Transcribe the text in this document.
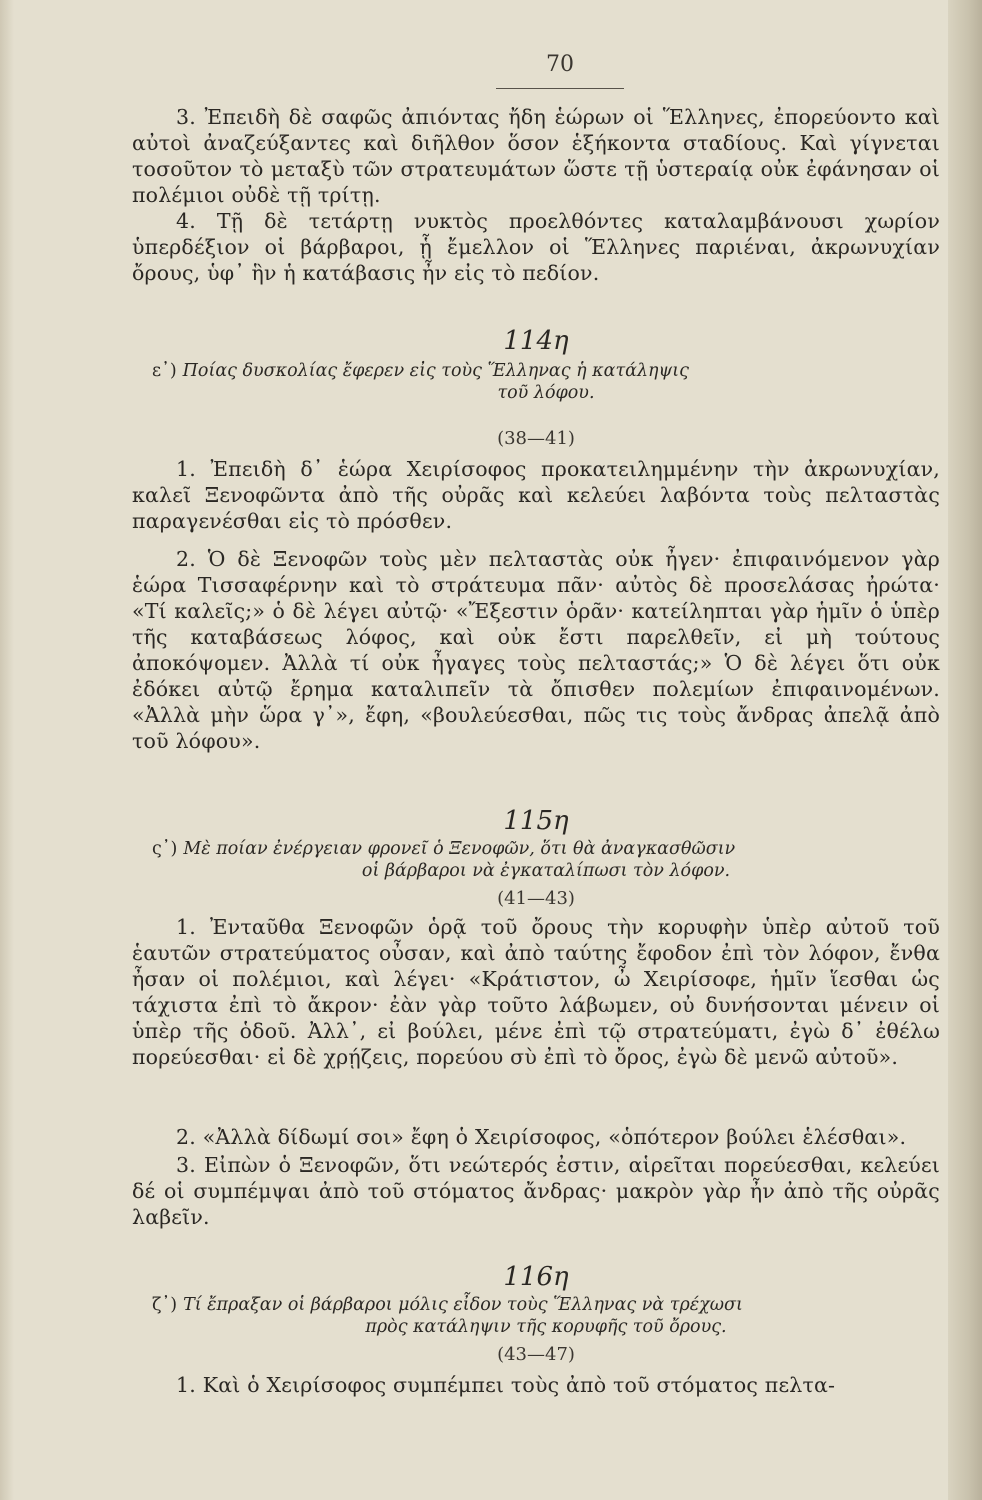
70

3. Ἐπειδὴ δὲ σαφῶς ἀπιόντας ἤδη ἑώρων οἱ Ἕλληνες, ἐπορεύοντο καὶ αὐτοὶ ἀναζεύξαντες καὶ διῆλθον ὅσον ἑξήκοντα σταδίους. Καὶ γίγνεται τοσοῦτον τὸ μεταξὺ τῶν στρατευμάτων ὥστε τῇ ὑστεραίᾳ οὐκ ἐφάνησαν οἱ πολέμιοι οὐδὲ τῇ τρίτῃ.

4. Τῇ δὲ τετάρτῃ νυκτὸς προελθόντες καταλαμβάνουσι χωρίον ὑπερδέξιον οἱ βάρβαροι, ᾗ ἔμελλον οἱ Ἕλληνες παριέναι, ἀκρωνυχίαν ὄρους, ὑφ᾽ ἣν ἡ κατάβασις ἦν εἰς τὸ πεδίον.

114η

ε᾽) Ποίας δυσκολίας ἔφερεν εἰς τοὺς Ἕλληνας ἡ κατάληψις
τοῦ λόφου.

(38—41)

1. Ἐπειδὴ δ᾽ ἑώρα Χειρίσοφος προκατειλημμένην τὴν ἀκρωνυχίαν, καλεῖ Ξενοφῶντα ἀπὸ τῆς οὐρᾶς καὶ κελεύει λαβόντα τοὺς πελταστὰς παραγενέσθαι εἰς τὸ πρόσθεν.

2. Ὁ δὲ Ξενοφῶν τοὺς μὲν πελταστὰς οὐκ ἦγεν· ἐπιφαινόμενον γὰρ ἑώρα Τισσαφέρνην καὶ τὸ στράτευμα πᾶν· αὐτὸς δὲ προσελάσας ἠρώτα· «Τί καλεῖς;» ὁ δὲ λέγει αὐτῷ· «Ἔξεστιν ὁρᾶν· κατείληπται γὰρ ἡμῖν ὁ ὑπὲρ τῆς καταβάσεως λόφος, καὶ οὐκ ἔστι παρελθεῖν, εἰ μὴ τούτους ἀποκόψομεν. Ἀλλὰ τί οὐκ ἦγαγες τοὺς πελταστάς;» Ὁ δὲ λέγει ὅτι οὐκ ἐδόκει αὐτῷ ἔρημα καταλιπεῖν τὰ ὄπισθεν πολεμίων ἐπιφαινομένων. «Ἀλλὰ μὴν ὥρα γ᾽», ἔφη, «βουλεύεσθαι, πῶς τις τοὺς ἄνδρας ἀπελᾷ ἀπὸ τοῦ λόφου».

115η

ς᾽) Μὲ ποίαν ἐνέργειαν φρονεῖ ὁ Ξενοφῶν, ὅτι θὰ ἀναγκασθῶσιν
οἱ βάρβαροι νὰ ἐγκαταλίπωσι τὸν λόφον.

(41—43)

1. Ἐνταῦθα Ξενοφῶν ὁρᾷ τοῦ ὄρους τὴν κορυφὴν ὑπὲρ αὐτοῦ τοῦ ἑαυτῶν στρατεύματος οὖσαν, καὶ ἀπὸ ταύτης ἔφοδον ἐπὶ τὸν λόφον, ἔνθα ἦσαν οἱ πολέμιοι, καὶ λέγει· «Κράτιστον, ὦ Χειρίσοφε, ἡμῖν ἵεσθαι ὡς τάχιστα ἐπὶ τὸ ἄκρον· ἐὰν γὰρ τοῦτο λάβωμεν, οὐ δυνήσονται μένειν οἱ ὑπὲρ τῆς ὁδοῦ. Ἀλλ᾽, εἰ βούλει, μένε ἐπὶ τῷ στρατεύματι, ἐγὼ δ᾽ ἐθέλω πορεύεσθαι· εἰ δὲ χρῄζεις, πορεύου σὺ ἐπὶ τὸ ὄρος, ἐγὼ δὲ μενῶ αὐτοῦ».

2. «Ἀλλὰ δίδωμί σοι» ἔφη ὁ Χειρίσοφος, «ὁπότερον βούλει ἑλέσθαι».

3. Εἰπὼν ὁ Ξενοφῶν, ὅτι νεώτερός ἐστιν, αἱρεῖται πορεύεσθαι, κελεύει δέ οἱ συμπέμψαι ἀπὸ τοῦ στόματος ἄνδρας· μακρὸν γὰρ ἦν ἀπὸ τῆς οὐρᾶς λαβεῖν.

116η

ζ᾽) Τί ἔπραξαν οἱ βάρβαροι μόλις εἶδον τοὺς Ἕλληνας νὰ τρέχωσι
πρὸς κατάληψιν τῆς κορυφῆς τοῦ ὄρους.

(43—47)

1. Καὶ ὁ Χειρίσοφος συμπέμπει τοὺς ἀπὸ τοῦ στόματος πελτα-
